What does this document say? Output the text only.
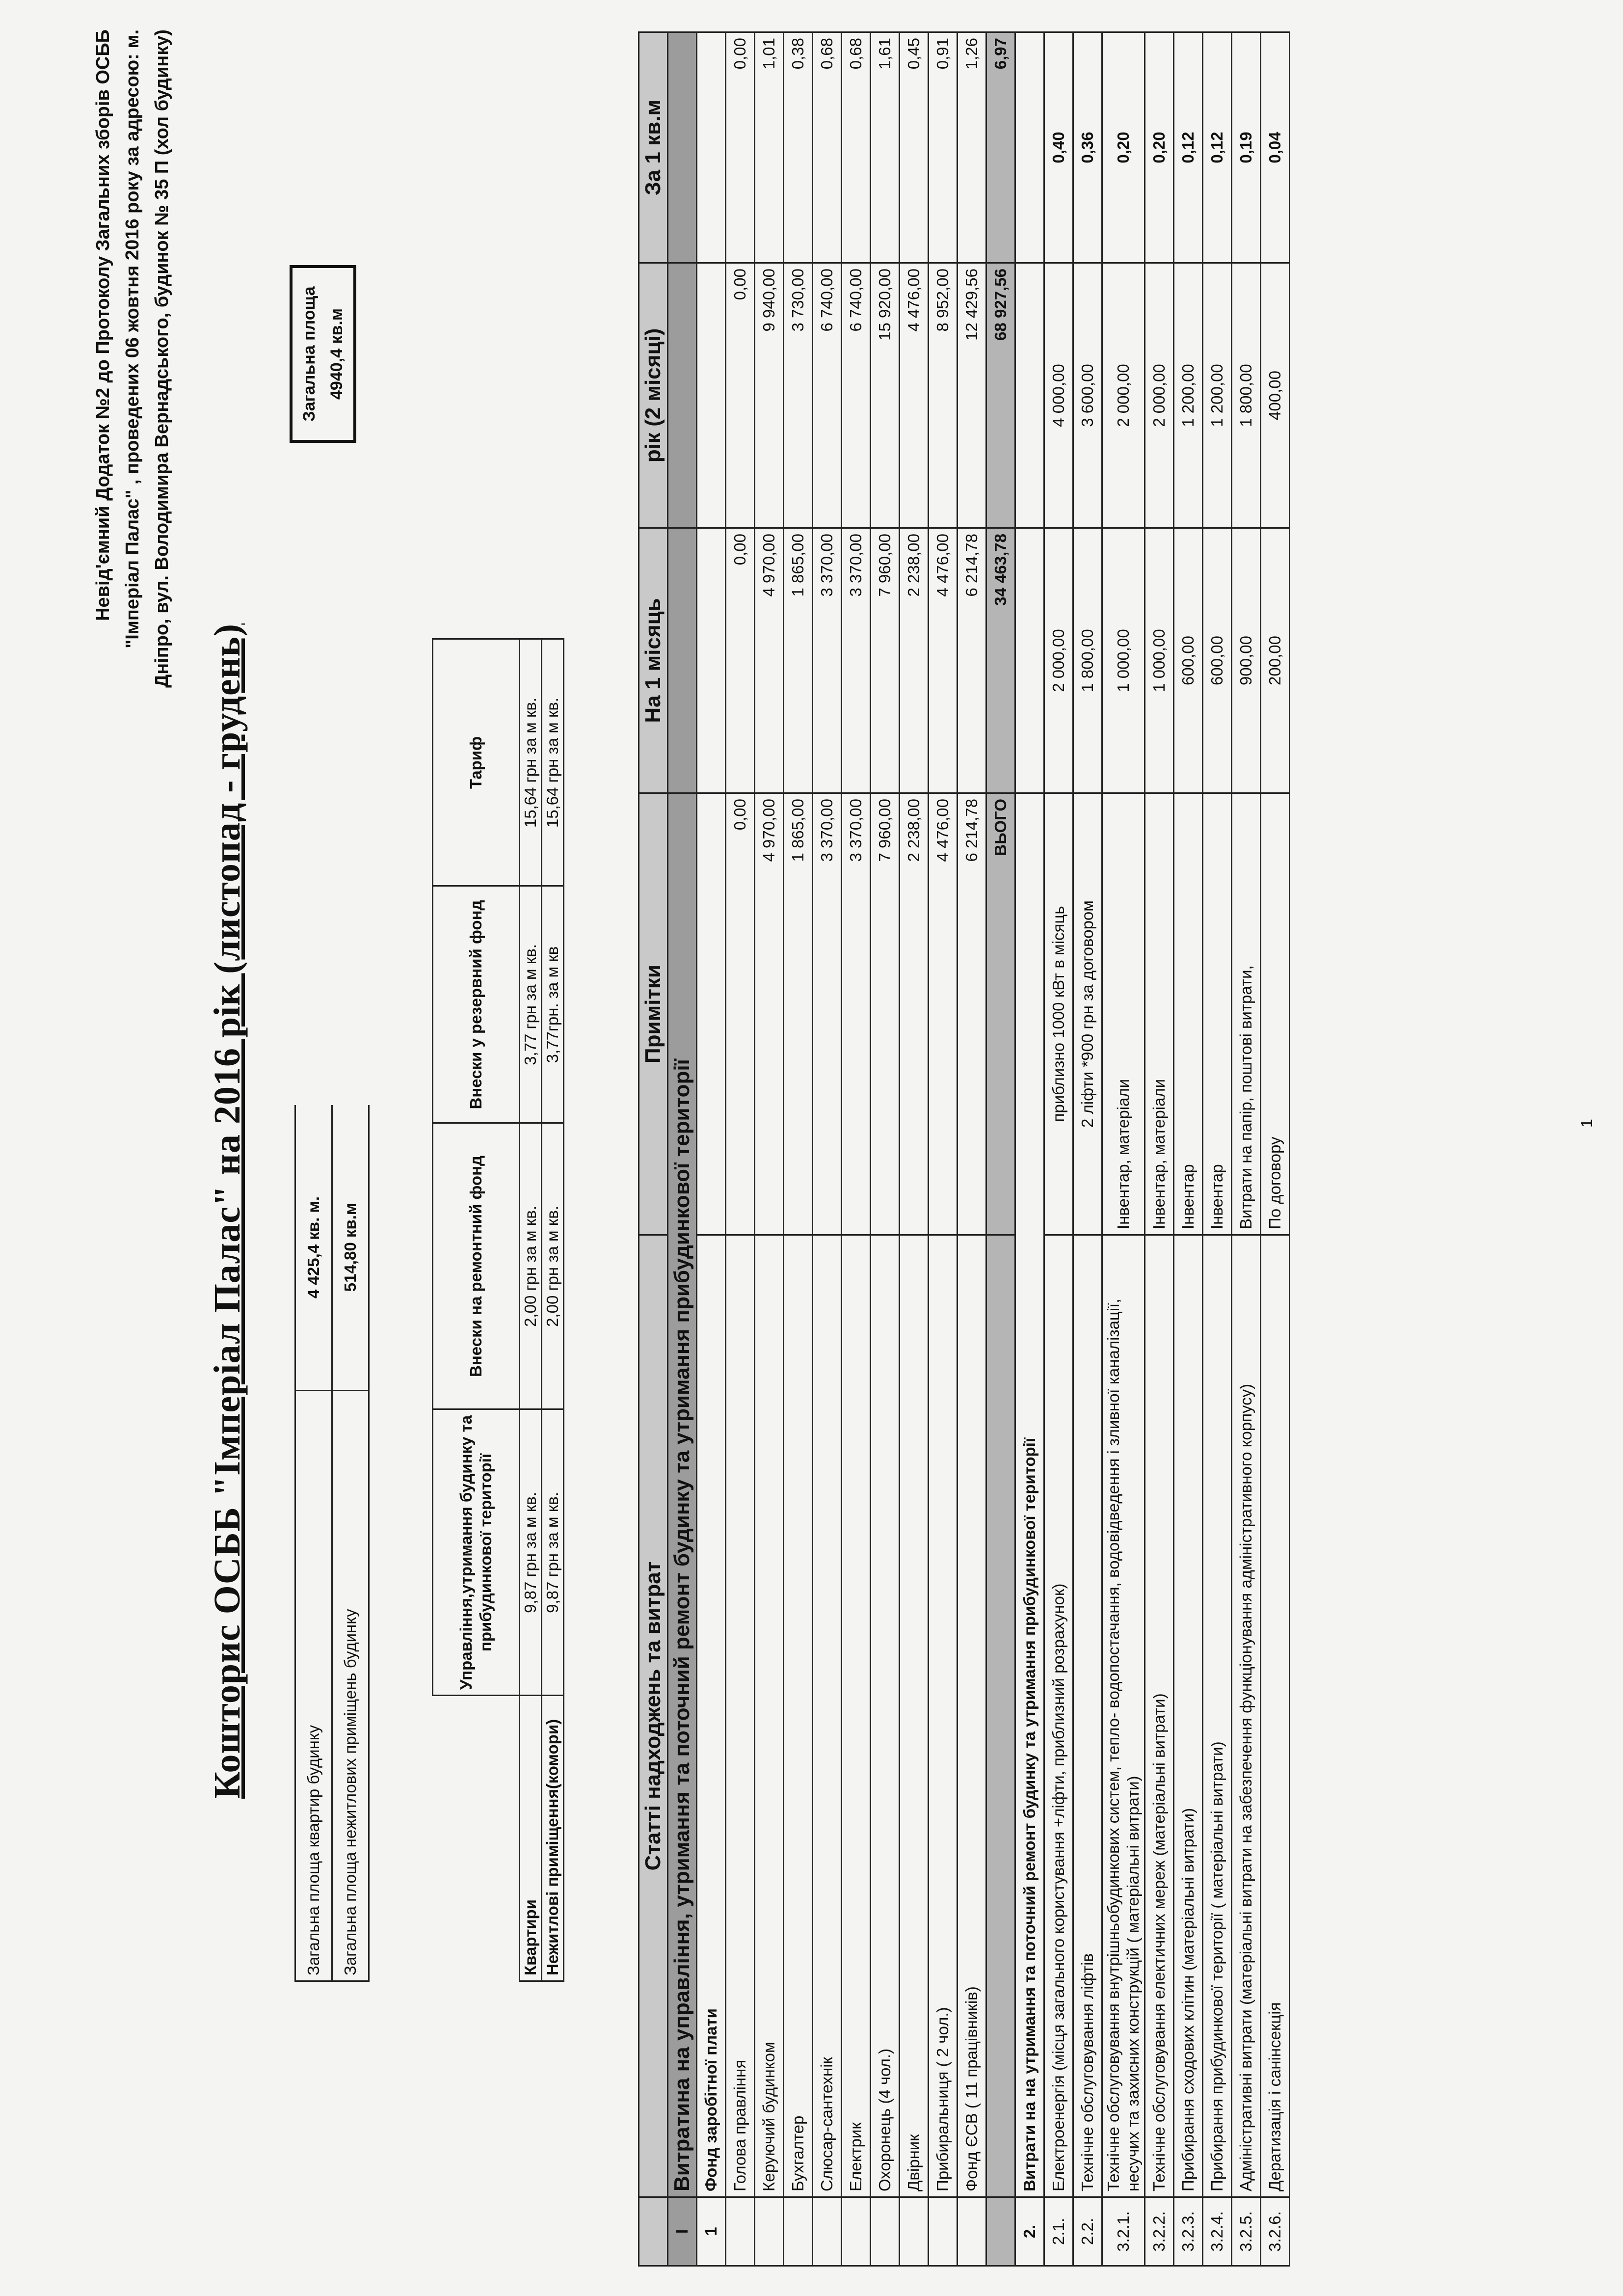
Невід'ємний Додаток №2 до Протоколу Загальних зборів ОСББ "Імперіал Палас" , проведених 06 жовтня 2016 року за адресою: м. Дніпро, вул. Володимира Вернадського, будинок № 35 П (хол будинку)
Кошторис ОСББ "Імперіал Палас" на 2016 рік (листопад - грудень)
Загальна площа квартир будинку	4 425,4 кв. м.
Загальна площа нежитлових приміщень будинку	514,80 кв.м
Загальна площа 4940,4 кв.м
	Управління,утримання будинку та прибудинкової території	Внески на ремонтний фонд	Внески у резервний фонд	Тариф
Квартири	9,87 грн за м кв.	2,00 грн за м кв.	3,77 грн за м кв.	15,64 грн за м кв.
Нежитлові приміщення(комори)	9,87 грн за м кв.	2,00 грн за м кв.	3,77грн. за м кв	15,64 грн за м кв.
	Статті надходжень та витрат	Примітки	На 1 місяць	рік (2 місяці)	За 1 кв.м
I	Витратина на управління, утримання та поточний ремонт будинку та утримання прибудинкової території				
1	Фонд заробітної плати				
	Голова правління	0,00	0,00	0,00	0,00
	Керуючий будинком	4 970,00	4 970,00	9 940,00	1,01
	Бухгалтер	1 865,00	1 865,00	3 730,00	0,38
	Слюсар-сантехнік	3 370,00	3 370,00	6 740,00	0,68
	Електрик	3 370,00	3 370,00	6 740,00	0,68
	Охоронець (4 чол.)	7 960,00	7 960,00	15 920,00	1,61
	Двірник	2 238,00	2 238,00	4 476,00	0,45
	Прибиральниця ( 2 чол.)	4 476,00	4 476,00	8 952,00	0,91
	Фонд ЄСВ ( 11 працівників)	6 214,78	6 214,78	12 429,56	1,26
		ВЬОГО	34 463,78	68 927,56	6,97
2.	Витрати на на утримання та поточний ремонт будинку та утримання прибудинкової території				
2.1.	Електроенергія (місця загального користування +ліфти, приблизний розрахунок)	приблизно 1000 кВт в місяць	2 000,00	4 000,00	0,40
2.2.	Технічне обслуговування ліфтів	2 ліфти *900 грн за договором	1 800,00	3 600,00	0,36
3.2.1.	Технічне обслуговування внутрішньобудинкових систем, тепло- водопостачання, водовідведення і зливної каналізації, несучих та захисних конструкцій ( матеріальні витрати)	Інвентар, матеріали	1 000,00	2 000,00	0,20
3.2.2.	Технічне обслуговування електичних мереж (матеріальні витрати)	Інвентар, матеріали	1 000,00	2 000,00	0,20
3.2.3.	Прибирання сходових клітин (матеріальні витрати)	Інвентар	600,00	1 200,00	0,12
3.2.4.	Прибирання прибудинкової території ( матеріальні витрати)	Інвентар	600,00	1 200,00	0,12
3.2.5.	Адміністративні витрати (матеріальні витрати на забезпечення функціонування адміністративного корпусу)	Витрати на папір, поштові витрати,	900,00	1 800,00	0,19
3.2.6.	Дератизація і санінсекція	По договору	200,00	400,00	0,04
1
